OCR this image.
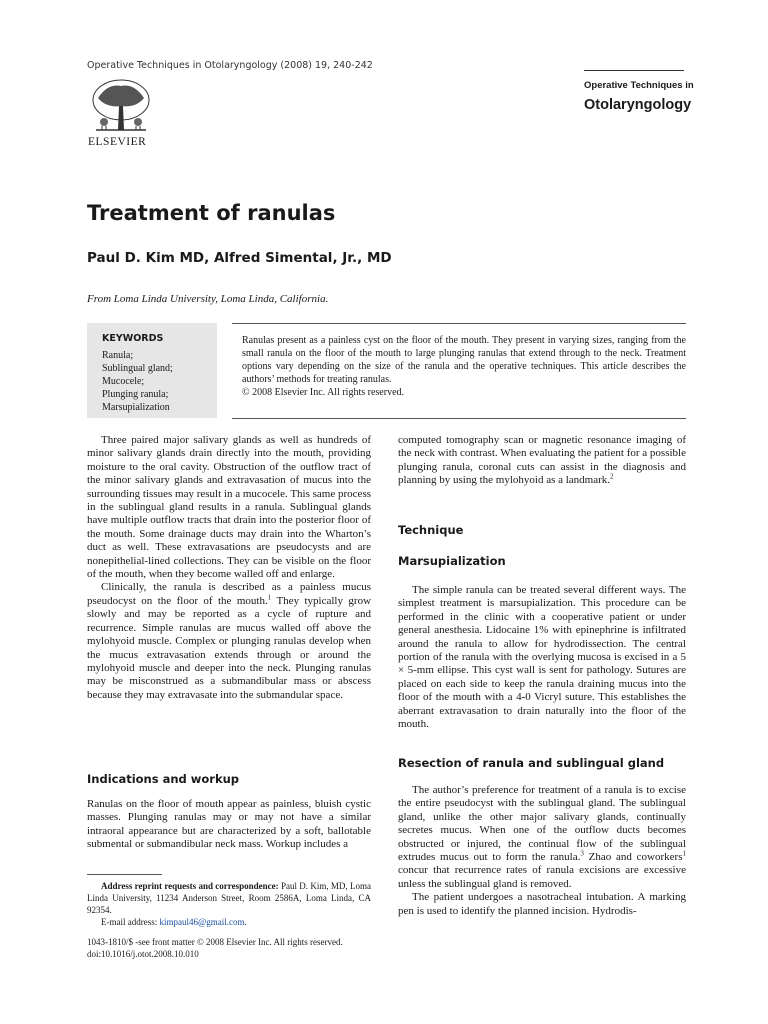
Operative Techniques in Otolaryngology (2008) 19, 240-242
ELSEVIER
Operative Techniques in
Otolaryngology
Treatment of ranulas
Paul D. Kim MD, Alfred Simental, Jr., MD
From Loma Linda University, Loma Linda, California.
KEYWORDS
Ranula;
Sublingual gland;
Mucocele;
Plunging ranula;
Marsupialization
Ranulas present as a painless cyst on the floor of the mouth. They present in varying sizes, ranging from the small ranula on the floor of the mouth to large plunging ranulas that extend through to the neck. Treatment options vary depending on the size of the ranula and the operative techniques. This article describes the authors’ methods for treating ranulas.
© 2008 Elsevier Inc. All rights reserved.

Three paired major salivary glands as well as hundreds of minor salivary glands drain directly into the mouth, providing moisture to the oral cavity. Obstruction of the outflow tract of the minor salivary glands and extravasation of mucus into the surrounding tissues may result in a mucocele. This same process in the sublingual gland results in a ranula. Sublingual glands have multiple outflow tracts that drain into the posterior floor of the mouth. Some drainage ducts may drain into the Wharton’s duct as well. These extravasations are pseudocysts and are nonepithelial-lined collections. They can be visible on the floor of the mouth, when they become walled off and enlarge.

Clinically, the ranula is described as a painless mucus pseudocyst on the floor of the mouth.$^1$ They typically grow slowly and may be reported as a cycle of rupture and recurrence. Simple ranulas are mucus walled off above the mylohyoid muscle. Complex or plunging ranulas develop when the mucus extravasation extends through or around the mylohyoid muscle and deeper into the neck. Plunging ranulas may be misconstrued as a submandibular mass or abscess because they may extravasate into the submandular space.

Indications and workup

Ranulas on the floor of mouth appear as painless, bluish cystic masses. Plunging ranulas may or may not have a similar intraoral appearance but are characterized by a soft, ballotable submental or submandibular neck mass. Workup includes a

Address reprint requests and correspondence: Paul D. Kim, MD, Loma Linda University, 11234 Anderson Street, Room 2586A, Loma Linda, CA 92354.
E-mail address: kimpaul46@gmail.com.
1043-1810/$ -see front matter © 2008 Elsevier Inc. All rights reserved.
doi:10.1016/j.otot.2008.10.010

computed tomography scan or magnetic resonance imaging of the neck with contrast. When evaluating the patient for a possible plunging ranula, coronal cuts can assist in the diagnosis and planning by using the mylohyoid as a landmark.$^2$

Technique
Marsupialization

The simple ranula can be treated several different ways. The simplest treatment is marsupialization. This procedure can be performed in the clinic with a cooperative patient or under general anesthesia. Lidocaine 1% with epinephrine is infiltrated around the ranula to allow for hydrodissection. The central portion of the ranula with the overlying mucosa is excised in a 5 × 5-mm ellipse. This cyst wall is sent for pathology. Sutures are placed on each side to keep the ranula draining mucus into the floor of the mouth with a 4-0 Vicryl suture. This establishes the aberrant extravasation to drain naturally into the floor of the mouth.

Resection of ranula and sublingual gland

The author’s preference for treatment of a ranula is to excise the entire pseudocyst with the sublingual gland. The sublingual gland, unlike the other major salivary glands, continually secretes mucus. When one of the outflow ducts becomes obstructed or injured, the continual flow of the sublingual extrudes mucus out to form the ranula.$^3$ Zhao and coworkers$^1$ concur that recurrence rates of ranula excisions are excessive unless the sublingual gland is removed.

The patient undergoes a nasotracheal intubation. A marking pen is used to identify the planned incision. Hydrodis-
